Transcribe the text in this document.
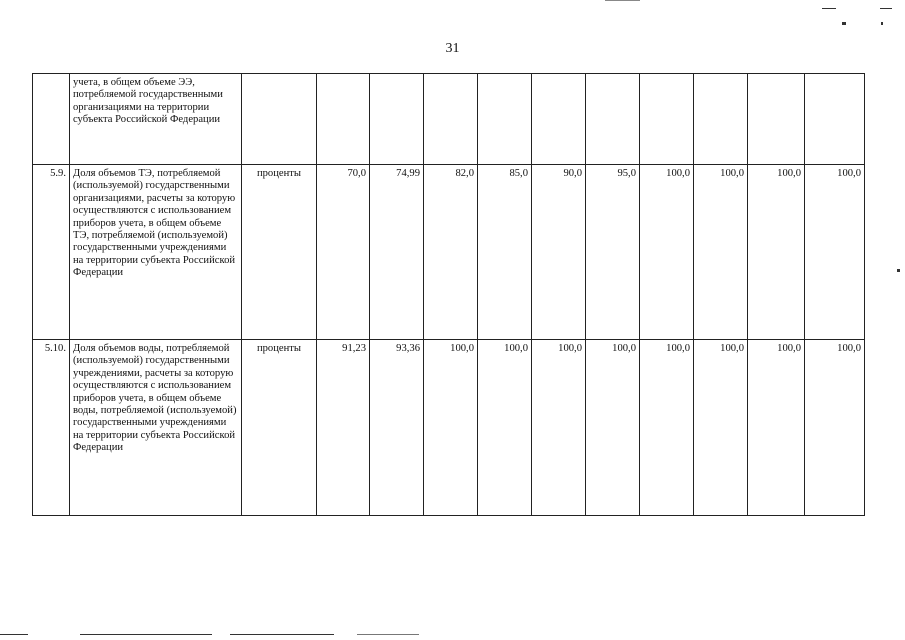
31
	учета, в общем объеме ЭЭ, потребляемой государственными организациями на территории субъекта Российской Федерации											
5.9.	Доля объемов ТЭ, потребляемой (используемой) государственными организациями, расчеты за которую осуществляются с использованием приборов учета, в общем объеме ТЭ, потребляемой (используемой) государственными учреждениями на территории субъекта Российской Федерации	проценты	70,0	74,99	82,0	85,0	90,0	95,0	100,0	100,0	100,0	100,0
5.10.	Доля объемов воды, потребляемой (используемой) государственными учреждениями, расчеты за которую осуществляются с использованием приборов учета, в общем объеме воды, потребляемой (используемой) государственными учреждениями на территории субъекта Российской Федерации	проценты	91,23	93,36	100,0	100,0	100,0	100,0	100,0	100,0	100,0	100,0
